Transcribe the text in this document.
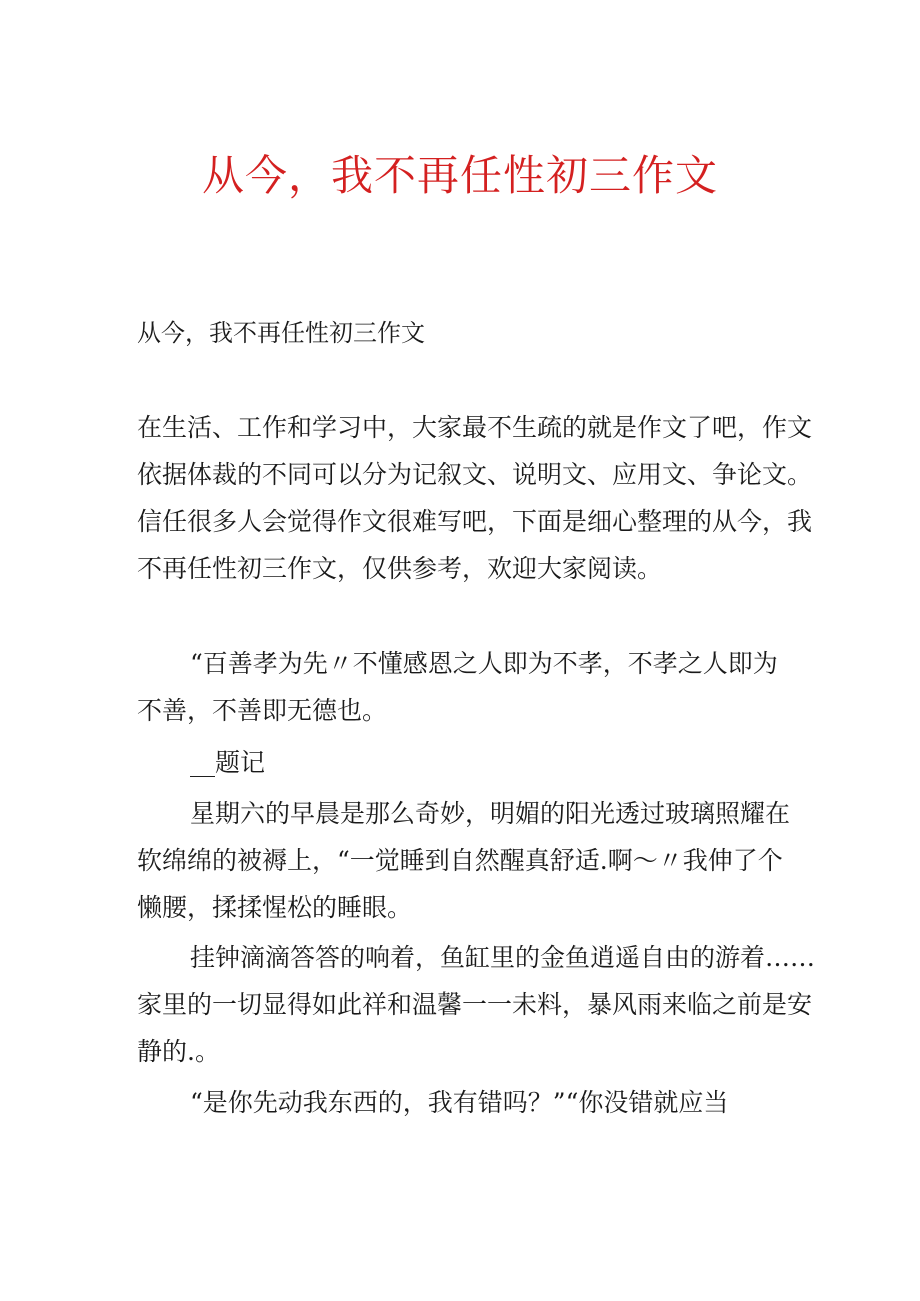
从今，我不再任性初三作文

从今，我不再任性初三作文

在生活、工作和学习中，大家最不生疏的就是作文了吧，作文

依据体裁的不同可以分为记叙文、说明文、应用文、争论文。

信任很多人会觉得作文很难写吧，下面是细心整理的从今，我

不再任性初三作文，仅供参考，欢迎大家阅读。

“百善孝为先〃不懂感恩之人即为不孝，不孝之人即为

不善，不善即无德也。

__题记

星期六的早晨是那么奇妙，明媚的阳光透过玻璃照耀在

软绵绵的被褥上，“一觉睡到自然醒真舒适.啊～〃我伸了个

懒腰，揉揉惺松的睡眼。

挂钟滴滴答答的响着，鱼缸里的金鱼逍遥自由的游着……

家里的一切显得如此祥和温馨一一未料，暴风雨来临之前是安

静的.。

“是你先动我东西的，我有错吗？”“你没错就应当
